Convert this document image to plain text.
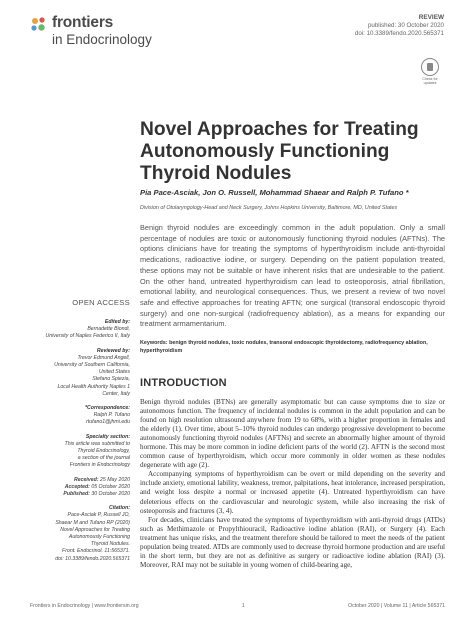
frontiers
in Endocrinology
REVIEW
published: 30 October 2020
doi: 10.3389/fendo.2020.565371
Check for updates
Novel Approaches for Treating Autonomously Functioning Thyroid Nodules
Pia Pace-Asciak, Jon O. Russell, Mohammad Shaear and Ralph P. Tufano *
Division of Otolaryngology-Head and Neck Surgery, Johns Hopkins University, Baltimore, MD, United States

Benign thyroid nodules are exceedingly common in the adult population. Only a small percentage of nodules are toxic or autonomously functioning thyroid nodules (AFTNs). The options clinicians have for treating the symptoms of hyperthyroidism include anti-thyroidal medications, radioactive iodine, or surgery. Depending on the patient population treated, these options may not be suitable or have inherent risks that are undesirable to the patient. On the other hand, untreated hyperthyroidism can lead to osteoporosis, atrial fibrillation, emotional lability, and neurological consequences. Thus, we present a review of two novel safe and effective approaches for treating AFTN; one surgical (transoral endoscopic thyroid surgery) and one non-surgical (radiofrequency ablation), as a means for expanding our treatment armamentarium.

Keywords: benign thyroid nodules, toxic nodules, transoral endoscopic thyroidectomy, radiofrequency ablation, hyperthyroidism

OPEN ACCESS
Edited by:
Bernadette Biondi,
University of Naples Federico II, Italy
Reviewed by:
Trevor Edmund Angell,
University of Southern California,
United States
Stefano Spiezia,
Local Health Authority Naples 1
Center, Italy
*Correspondence:
Ralph P. Tufano
rtufano1@jhmi.edu
Specialty section:
This article was submitted to
Thyroid Endocrinology,
a section of the journal
Frontiers in Endocrinology
Received: 25 May 2020
Accepted: 05 October 2020
Published: 30 October 2020
Citation:
Pace-Asciak P, Russell JO,
Shaear M and Tufano RP (2020)
Novel Approaches for Treating
Autonomously Functioning
Thyroid Nodules.
Front. Endocrinol. 11:565371.
doi: 10.3389/fendo.2020.565371
INTRODUCTION

Benign thyroid nodules (BTNs) are generally asymptomatic but can cause symptoms due to size or autonomous function. The frequency of incidental nodules is common in the adult population and can be found on high resolution ultrasound anywhere from 19 to 68%, with a higher proportion in females and the elderly (1). Over time, about 5–10% thyroid nodules can undergo progressive development to become autonomously functioning thyroid nodules (AFTNs) and secrete an abnormally higher amount of thyroid hormone. This may be more common in iodine deficient parts of the world (2). AFTN is the second most common cause of hyperthyroidism, which occur more commonly in older women as these nodules degenerate with age (2).

Accompanying symptoms of hyperthyroidism can be overt or mild depending on the severity and include anxiety, emotional lability, weakness, tremor, palpitations, heat intolerance, increased perspiration, and weight loss despite a normal or increased appetite (4). Untreated hyperthyroidism can have deleterious effects on the cardiovascular and neurologic system, while also increasing the risk of osteoporosis and fractures (3, 4).

For decades, clinicians have treated the symptoms of hyperthyroidism with anti-thyroid drugs (ATDs) such as Methimazole or Propylthiouracil, Radioactive iodine ablation (RAI), or Surgery (4). Each treatment has unique risks, and the treatment therefore should be tailored to meet the needs of the patient population being treated. ATDs are commonly used to decrease thyroid hormone production and are useful in the short term, but they are not as definitive as surgery or radioactive iodine ablation (RAI) (3). Moreover, RAI may not be suitable in young women of child-bearing age,

Frontiers in Endocrinology | www.frontiersin.org	1	October 2020 | Volume 11 | Article 565371
